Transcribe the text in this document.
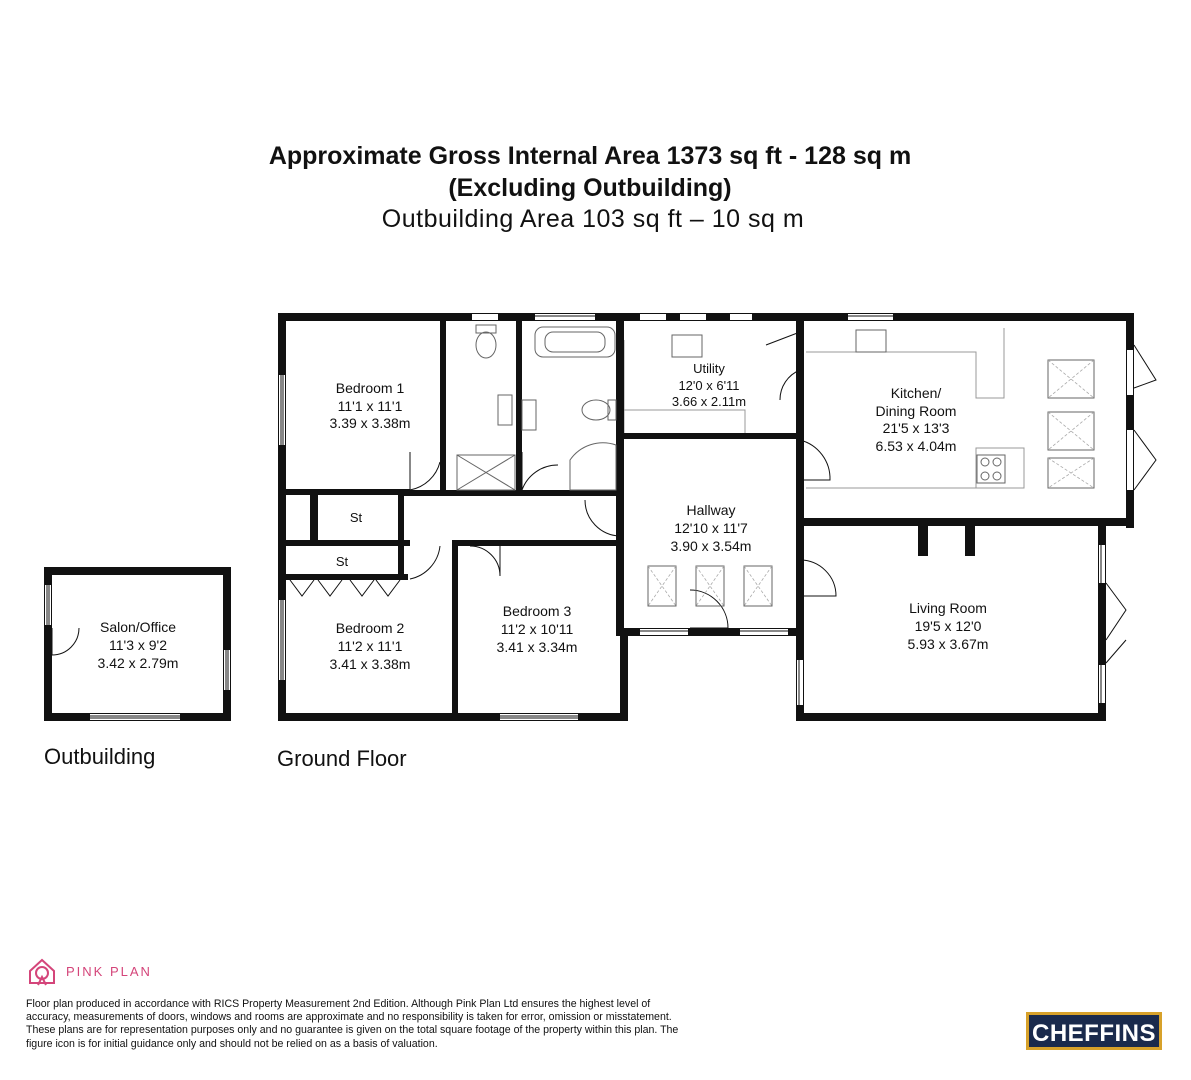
Approximate Gross Internal Area 1373 sq ft - 128 sq m
(Excluding Outbuilding)
Outbuilding Area 103 sq ft – 10 sq m
Bedroom 1
11'1 x 11'1
3.39 x 3.38m
Utility
12'0 x 6'11
3.66 x 2.11m
Kitchen/
Dining Room
21'5 x 13'3
6.53 x 4.04m
Hallway
12'10 x 11'7
3.90 x 3.54m
St
St
Bedroom 2
11'2 x 11'1
3.41 x 3.38m
Bedroom 3
11'2 x 10'11
3.41 x 3.34m
Living Room
19'5 x 12'0
5.93 x 3.67m
Salon/Office
11'3 x 9'2
3.42 x 2.79m
Outbuilding	Ground Floor
PINK PLAN
Floor plan produced in accordance with RICS Property Measurement 2nd Edition. Although Pink Plan Ltd ensures the highest level of accuracy, measurements of doors, windows and rooms are approximate and no responsibility is taken for error, omission or misstatement. These plans are for representation purposes only and no guarantee is given on the total square footage of the property within this plan. The figure icon is for initial guidance only and should not be relied on as a basis of valuation.	CHEFFINS
